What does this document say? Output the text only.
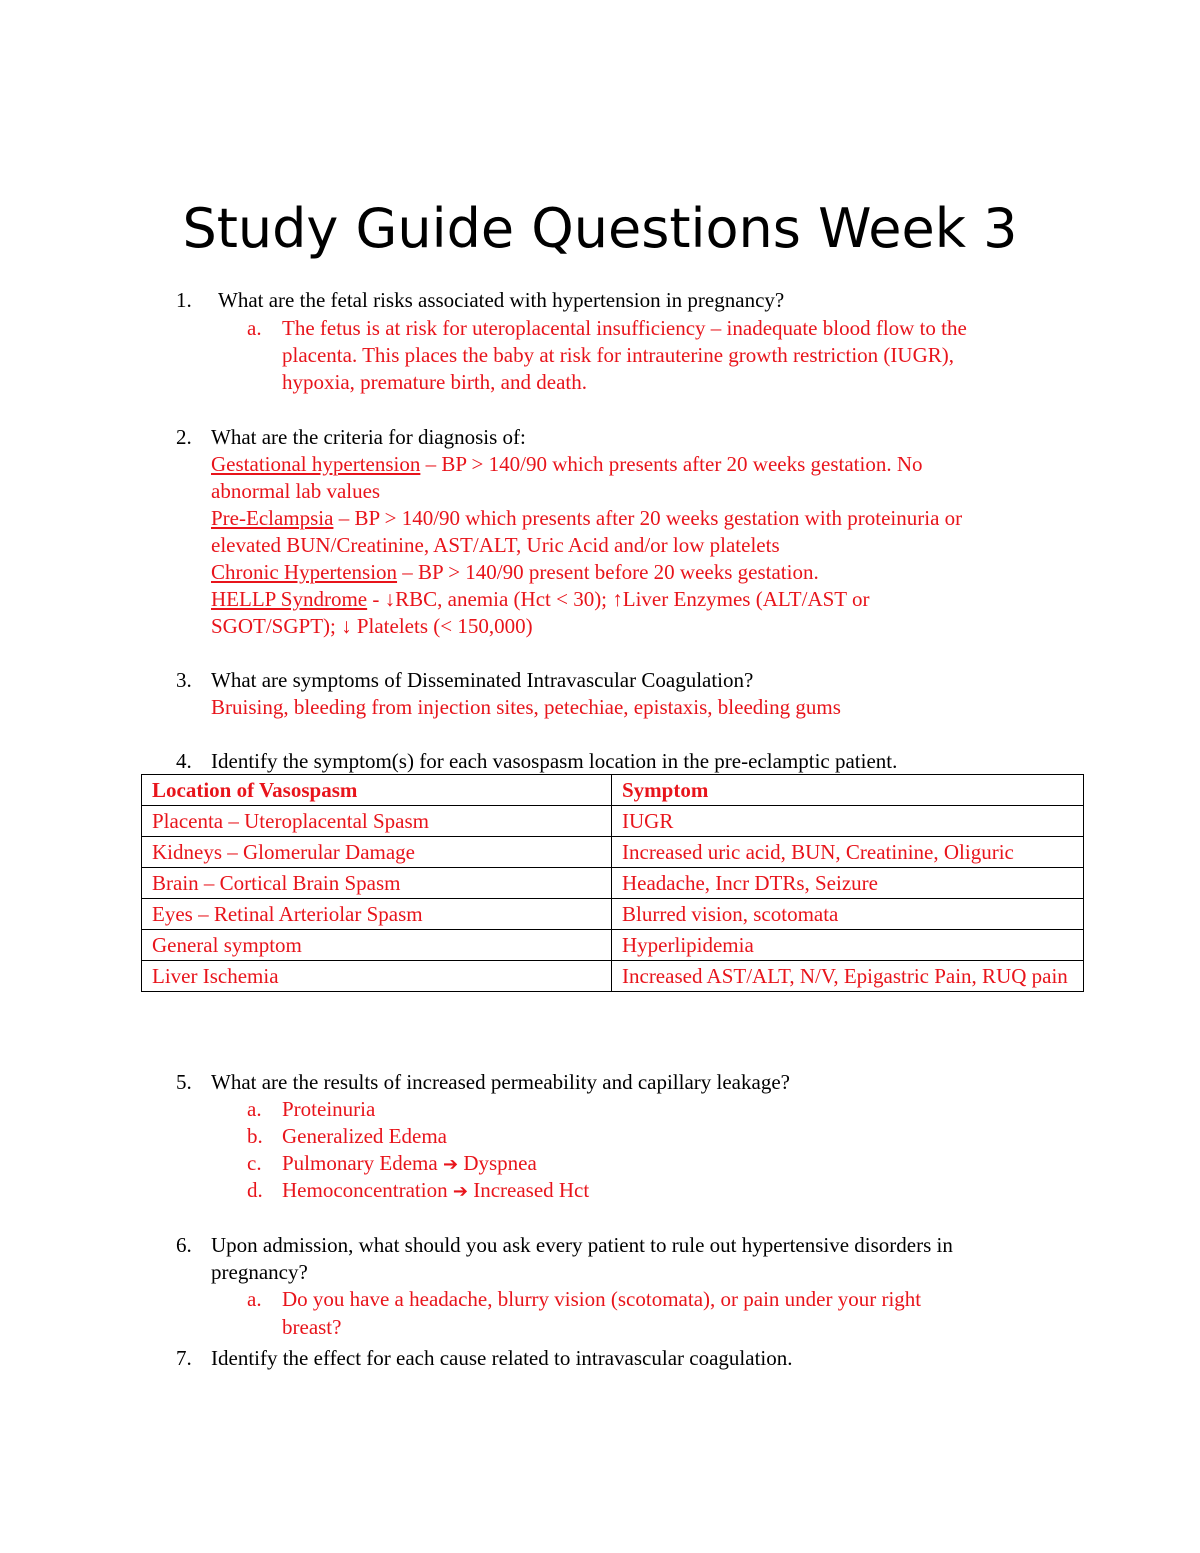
Study Guide Questions Week 3
1. What are the fetal risks associated with hypertension in pregnancy?
a. The fetus is at risk for uteroplacental insufficiency – inadequate blood flow to the
placenta. This places the baby at risk for intrauterine growth restriction (IUGR),
hypoxia, premature birth, and death.
2. What are the criteria for diagnosis of:
Gestational hypertension – BP > 140/90 which presents after 20 weeks gestation. No
abnormal lab values
Pre-Eclampsia – BP > 140/90 which presents after 20 weeks gestation with proteinuria or
elevated BUN/Creatinine, AST/ALT, Uric Acid and/or low platelets
Chronic Hypertension – BP > 140/90 present before 20 weeks gestation.
HELLP Syndrome - ↓RBC, anemia (Hct < 30); ↑Liver Enzymes (ALT/AST or
SGOT/SGPT); ↓ Platelets (< 150,000)
3. What are symptoms of Disseminated Intravascular Coagulation?
Bruising, bleeding from injection sites, petechiae, epistaxis, bleeding gums
4. Identify the symptom(s) for each vasospasm location in the pre-eclamptic patient.
Location of Vasospasm	Symptom
Placenta – Uteroplacental Spasm	IUGR
Kidneys – Glomerular Damage	Increased uric acid, BUN, Creatinine, Oliguric
Brain – Cortical Brain Spasm	Headache, Incr DTRs, Seizure
Eyes – Retinal Arteriolar Spasm	Blurred vision, scotomata
General symptom	Hyperlipidemia
Liver Ischemia	Increased AST/ALT, N/V, Epigastric Pain, RUQ pain
5. What are the results of increased permeability and capillary leakage?
a. Proteinuria
b. Generalized Edema
c. Pulmonary Edema ➔ Dyspnea
d. Hemoconcentration ➔ Increased Hct
6. Upon admission, what should you ask every patient to rule out hypertensive disorders in
pregnancy?
a. Do you have a headache, blurry vision (scotomata), or pain under your right
breast?
7. Identify the effect for each cause related to intravascular coagulation.
